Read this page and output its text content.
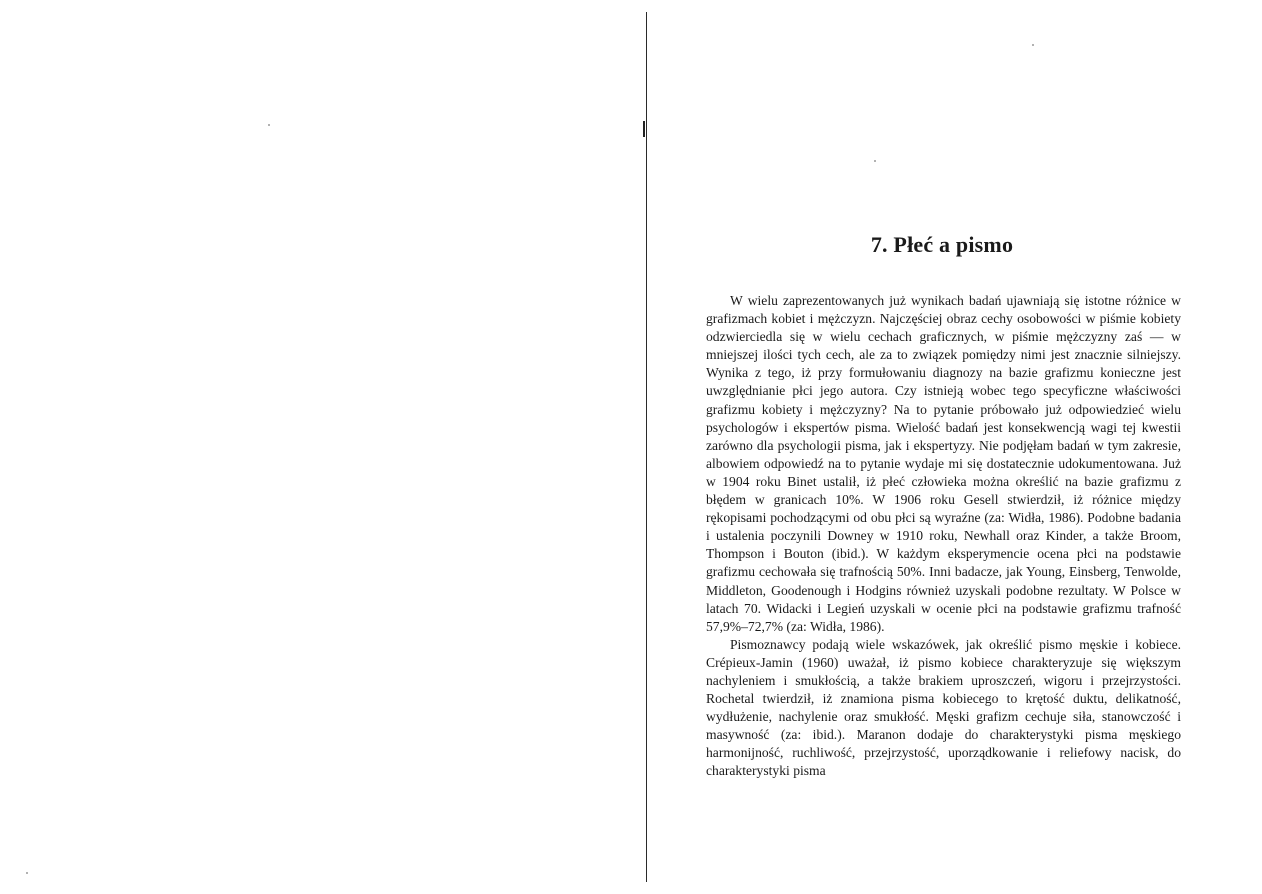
7. Płeć a pismo

W wielu zaprezentowanych już wynikach badań ujawniają się istotne różnice w grafizmach kobiet i mężczyzn. Najczęściej obraz cechy osobowości w piśmie kobiety odzwierciedla się w wielu cechach graficznych, w piśmie mężczyzny zaś — w mniejszej ilości tych cech, ale za to związek pomiędzy nimi jest znacznie silniejszy. Wynika z tego, iż przy formułowaniu diagnozy na bazie grafizmu konieczne jest uwzględnianie płci jego autora. Czy istnieją wobec tego specyficzne właściwości grafizmu kobiety i mężczyzny? Na to pytanie próbowało już odpowiedzieć wielu psychologów i ekspertów pisma. Wielość badań jest konsekwencją wagi tej kwestii zarówno dla psychologii pisma, jak i ekspertyzy. Nie podjęłam badań w tym zakresie, albowiem odpowiedź na to pytanie wydaje mi się dostatecznie udokumentowana. Już w 1904 roku Binet ustalił, iż płeć człowieka można określić na bazie grafizmu z błędem w granicach 10%. W 1906 roku Gesell stwierdził, iż różnice między rękopisami pochodzącymi od obu płci są wyraźne (za: Widła, 1986). Podobne badania i ustalenia poczynili Downey w 1910 roku, Newhall oraz Kinder, a także Broom, Thompson i Bouton (ibid.). W każdym eksperymencie ocena płci na podstawie grafizmu cechowała się trafnością 50%. Inni badacze, jak Young, Einsberg, Tenwolde, Middleton, Goodenough i Hodgins również uzyskali podobne rezultaty. W Polsce w latach 70. Widacki i Legień uzyskali w ocenie płci na podstawie grafizmu trafność 57,9%–72,7% (za: Widła, 1986).

Pismoznawcy podają wiele wskazówek, jak określić pismo męskie i kobiece. Crépieux-Jamin (1960) uważał, iż pismo kobiece charakteryzuje się większym nachyleniem i smukłością, a także brakiem uproszczeń, wigoru i przejrzystości. Rochetal twierdził, iż znamiona pisma kobiecego to krętość duktu, delikatność, wydłużenie, nachylenie oraz smukłość. Męski grafizm cechuje siła, stanowczość i masywność (za: ibid.). Maranon dodaje do charakterystyki pisma męskiego harmonijność, ruchliwość, przejrzystość, uporządkowanie i reliefowy nacisk, do charakterystyki pisma
